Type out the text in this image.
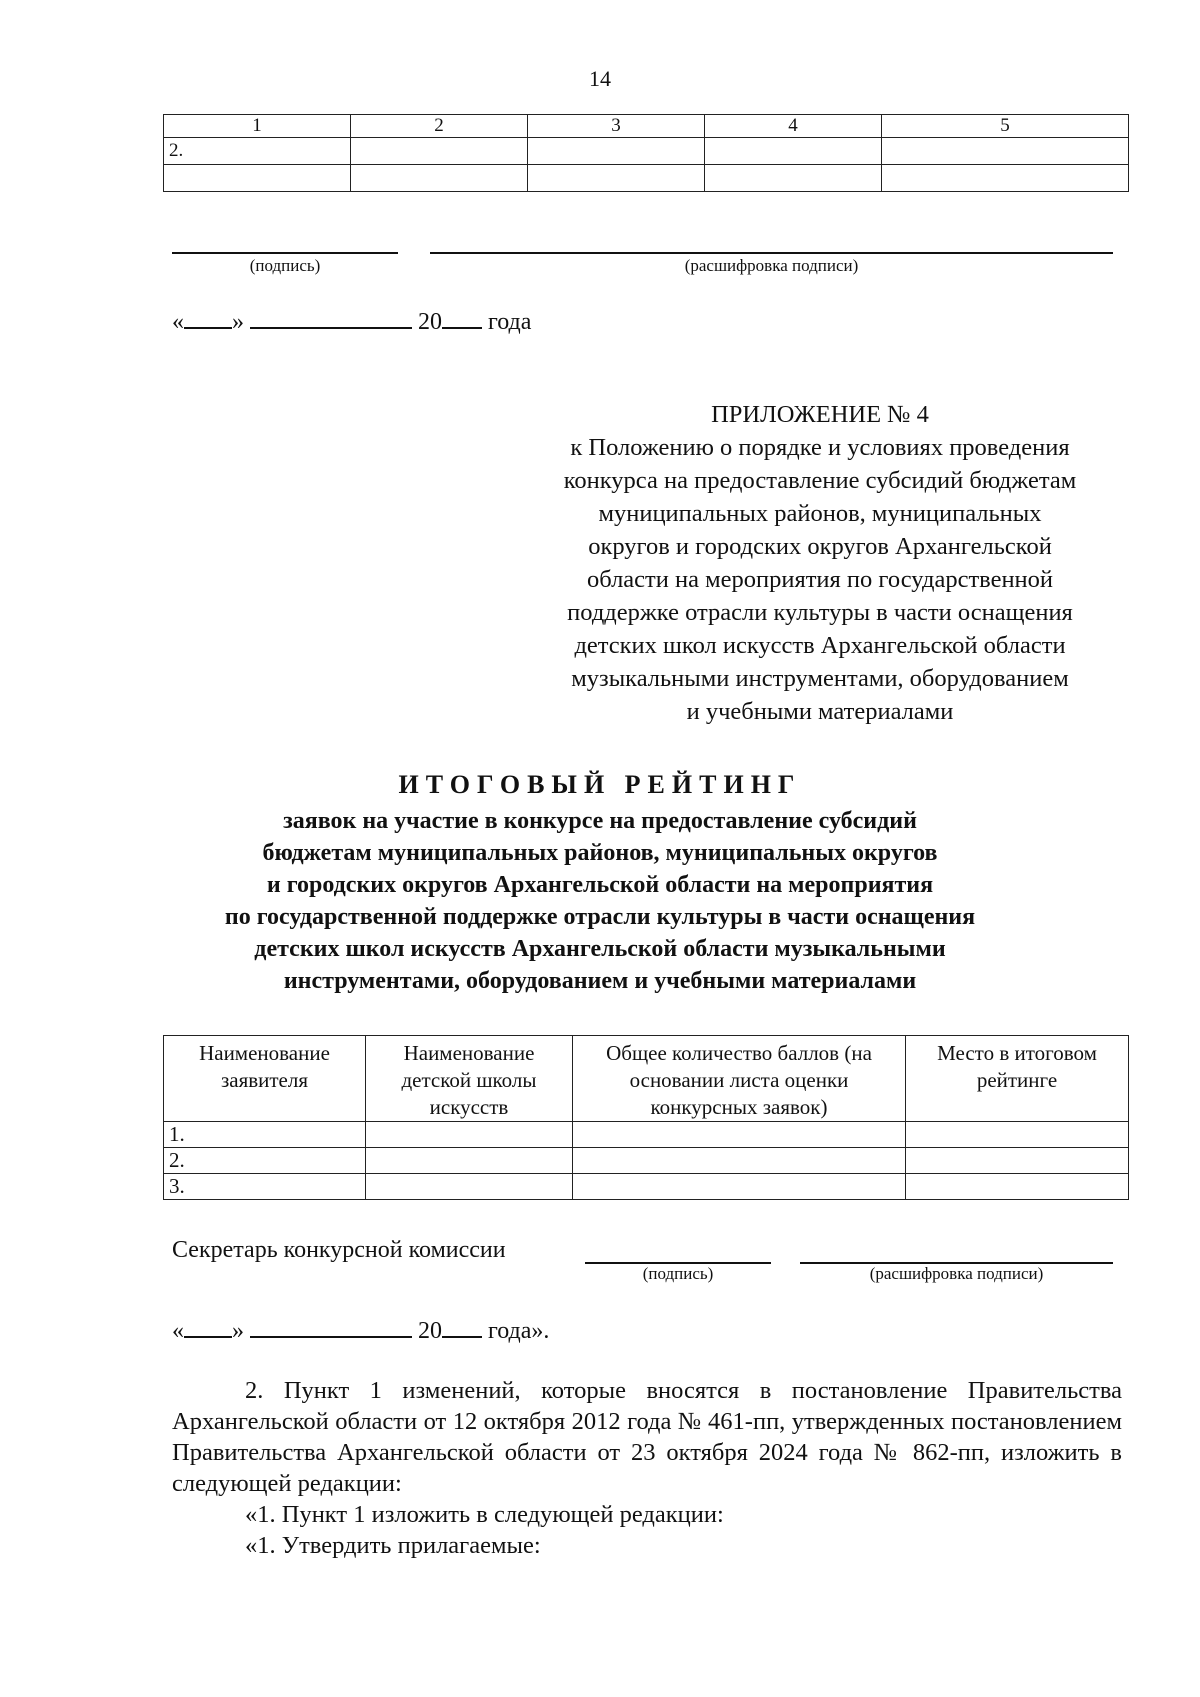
14
1	2	3	4	5
2.				

(подпись)	(расшифровка подписи)
« »	20 года
ПРИЛОЖЕНИЕ № 4
к Положению о порядке и условиях проведения
конкурса на предоставление субсидий бюджетам
муниципальных районов, муниципальных
округов и городских округов Архангельской
области на мероприятия по государственной
поддержке отрасли культуры в части оснащения
детских школ искусств Архангельской области
музыкальными инструментами, оборудованием
и учебными материалами
ИТОГОВЫЙ РЕЙТИНГ
заявок на участие в конкурсе на предоставление субсидий
бюджетам муниципальных районов, муниципальных округов
и городских округов Архангельской области на мероприятия
по государственной поддержке отрасли культуры в части оснащения
детских школ искусств Архангельской области музыкальными
инструментами, оборудованием и учебными материалами
Наименование заявителя	Наименование детской школы искусств	Общее количество баллов (на основании листа оценки конкурсных заявок)	Место в итоговом рейтинге
1.			
2.			
3.			
Секретарь конкурсной комиссии
(подпись)	(расшифровка подписи)
« »	20 года».
2. Пункт 1 изменений, которые вносятся в постановление Правительства Архангельской области от 12 октября 2012 года № 461-пп, утвержденных постановлением Правительства Архангельской области от 23 октября 2024 года № 862-пп, изложить в следующей редакции:
«1. Пункт 1 изложить в следующей редакции:
«1. Утвердить прилагаемые:
